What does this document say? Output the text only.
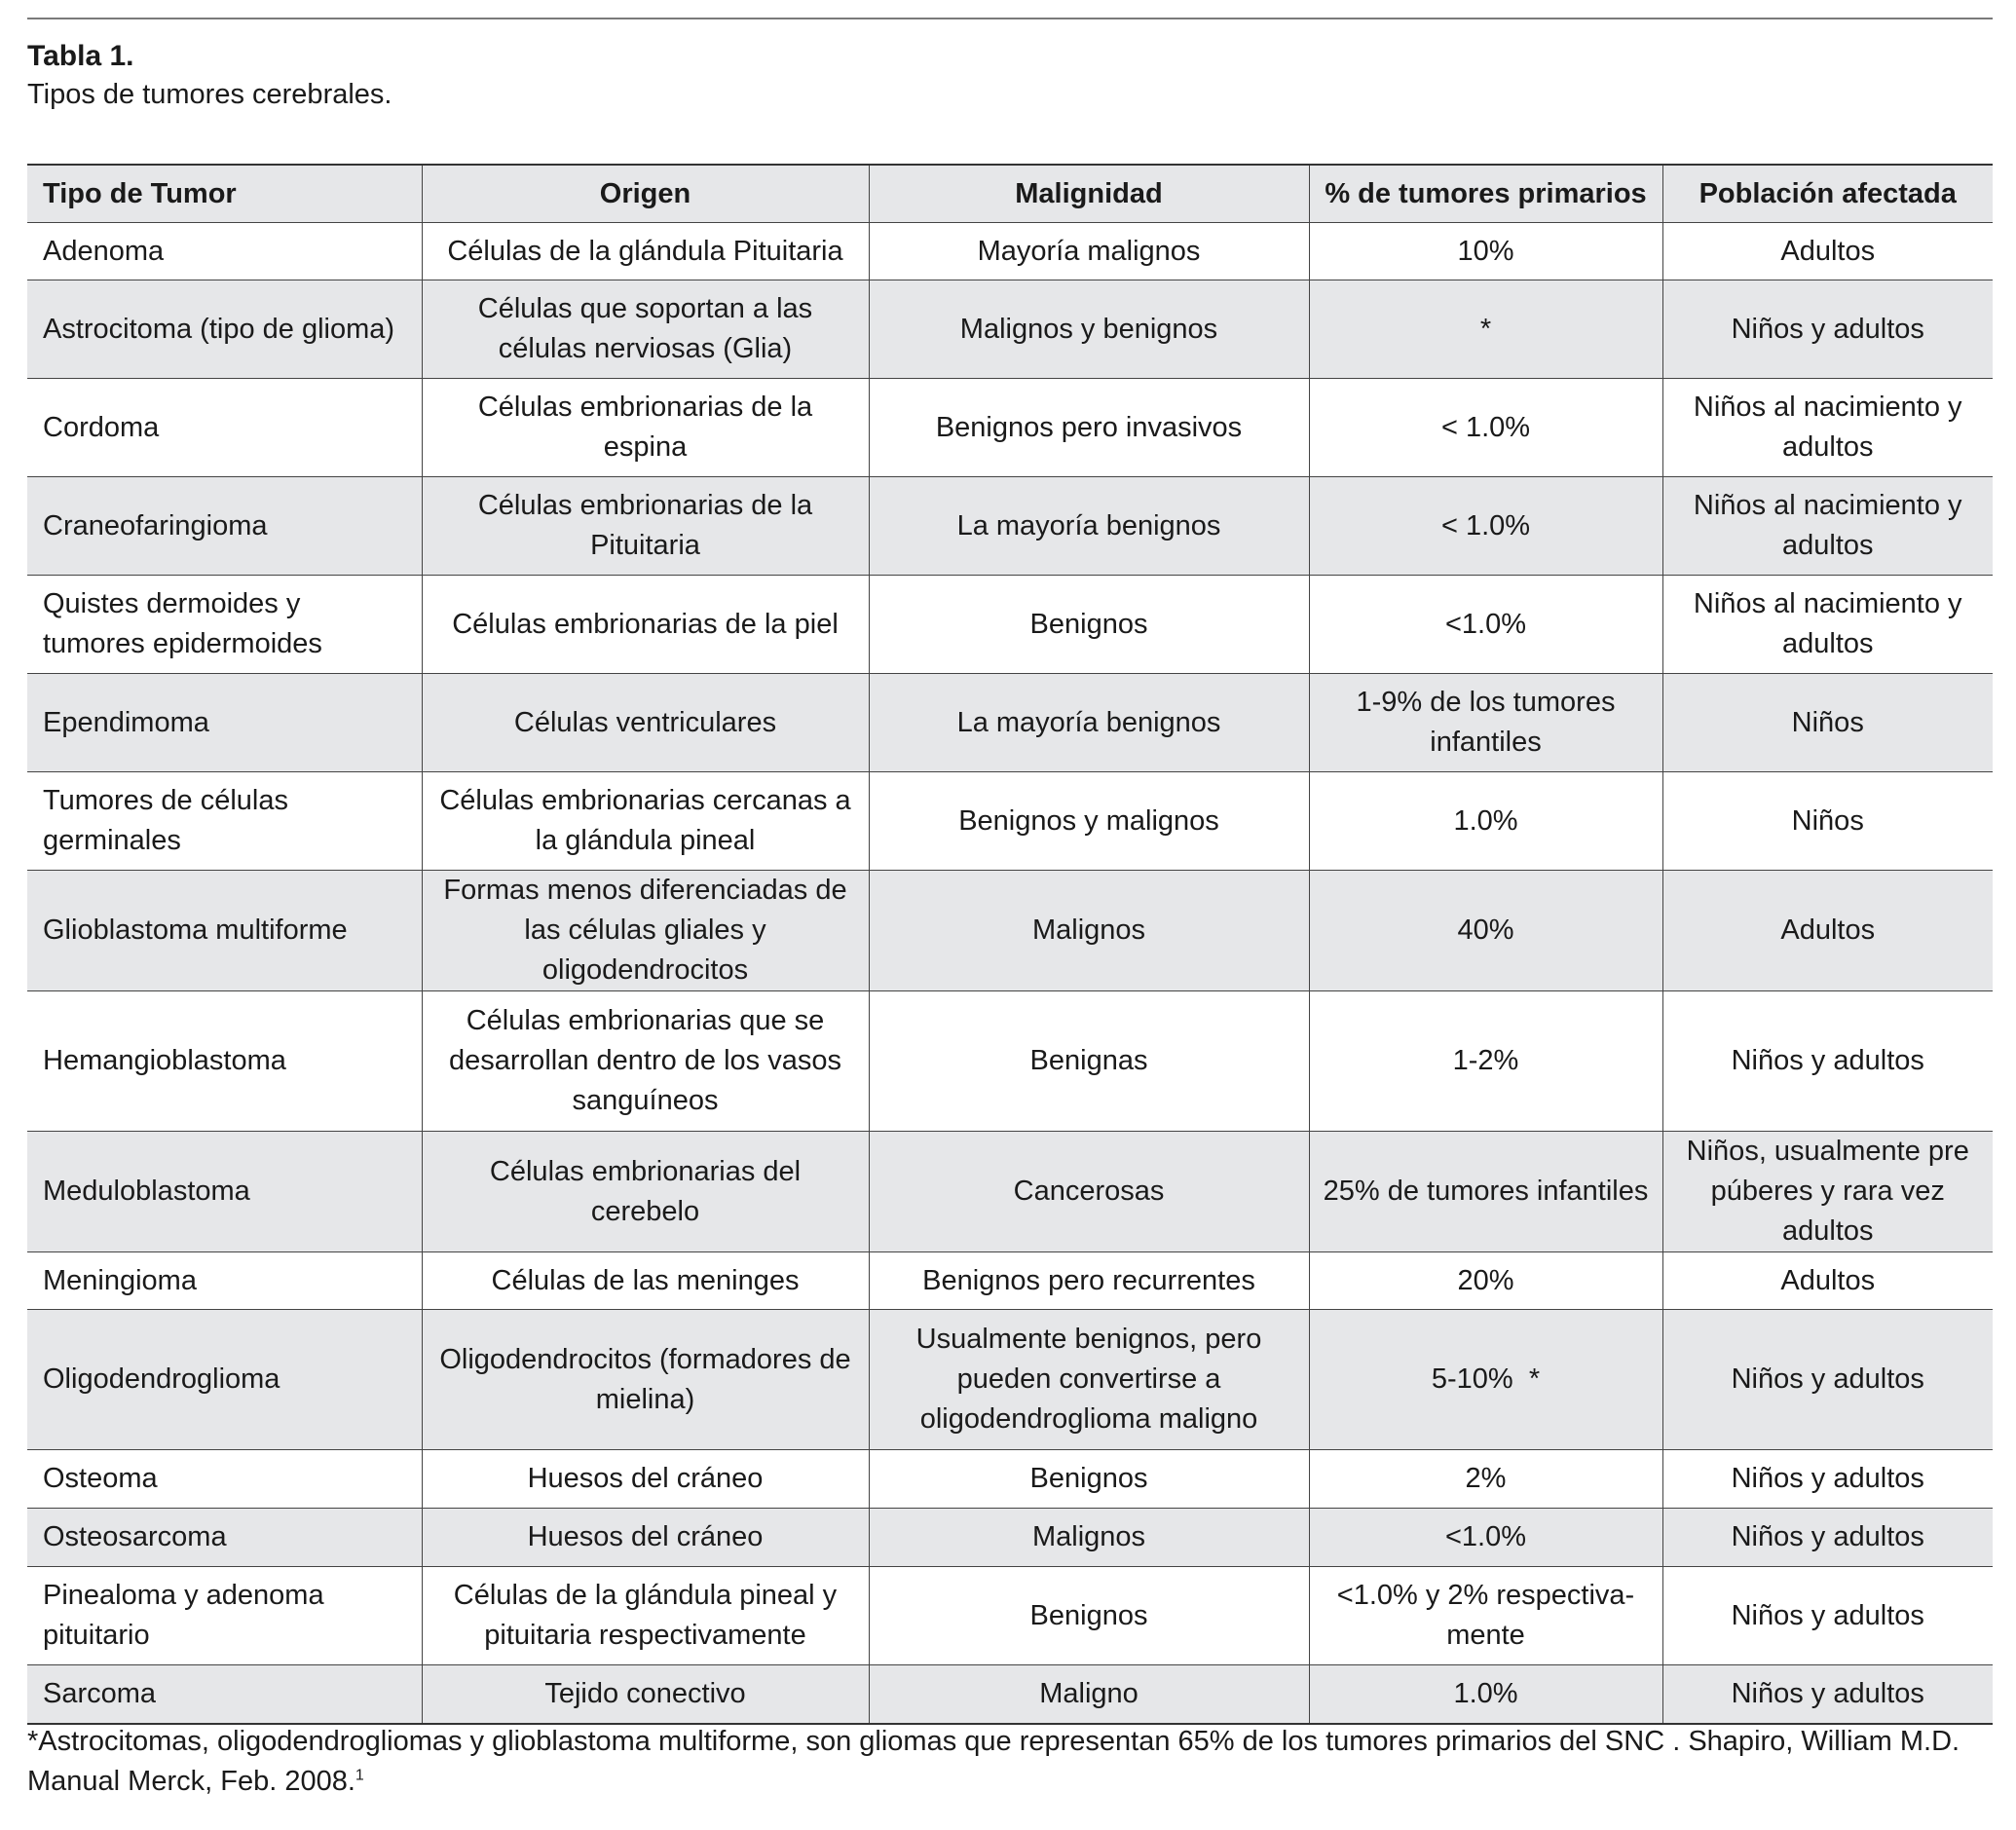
Tabla 1.
Tipos de tumores cerebrales.
Tipo de Tumor	Origen	Malignidad	% de tumores primarios	Población afectada
Adenoma	Células de la glándula Pituitaria	Mayoría malignos	10%	Adultos
Astrocitoma (tipo de glioma)	Células que soportan a las células nerviosas (Glia)	Malignos y benignos	*	Niños y adultos
Cordoma	Células embrionarias de la espina	Benignos pero invasivos	< 1.0%	Niños al nacimiento y adultos
Craneofaringioma	Células embrionarias de la Pituitaria	La mayoría benignos	< 1.0%	Niños al nacimiento y adultos
Quistes dermoides y tumores epidermoides	Células embrionarias de la piel	Benignos	<1.0%	Niños al nacimiento y adultos
Ependimoma	Células ventriculares	La mayoría benignos	1-9% de los tumores infantiles	Niños
Tumores de células germinales	Células embrionarias cercanas a la glándula pineal	Benignos y malignos	1.0%	Niños
Glioblastoma multiforme	Formas menos diferenciadas de las células gliales y oligodendrocitos	Malignos	40%	Adultos
Hemangioblastoma	Células embrionarias que se desarrollan dentro de los vasos sanguíneos	Benignas	1-2%	Niños y adultos
Meduloblastoma	Células embrionarias del cerebelo	Cancerosas	25% de tumores infantiles	Niños, usualmente pre púberes y rara vez adultos
Meningioma	Células de las meninges	Benignos pero recurrentes	20%	Adultos
Oligodendroglioma	Oligodendrocitos (formadores de mielina)	Usualmente benignos, pero pueden convertirse a oligodendroglioma maligno	5-10%  *	Niños y adultos
Osteoma	Huesos del cráneo	Benignos	2%	Niños y adultos
Osteosarcoma	Huesos del cráneo	Malignos	<1.0%	Niños y adultos
Pinealoma y adenoma pituitario	Células de la glándula pineal y pituitaria respectivamente	Benignos	<1.0% y 2% respectiva-mente	Niños y adultos
Sarcoma	Tejido conectivo	Maligno	1.0%	Niños y adultos
*Astrocitomas, oligodendrogliomas y glioblastoma multiforme, son gliomas que representan 65% de los tumores primarios del SNC . Shapiro, William M.D. Manual Merck, Feb. 2008.$^1$
